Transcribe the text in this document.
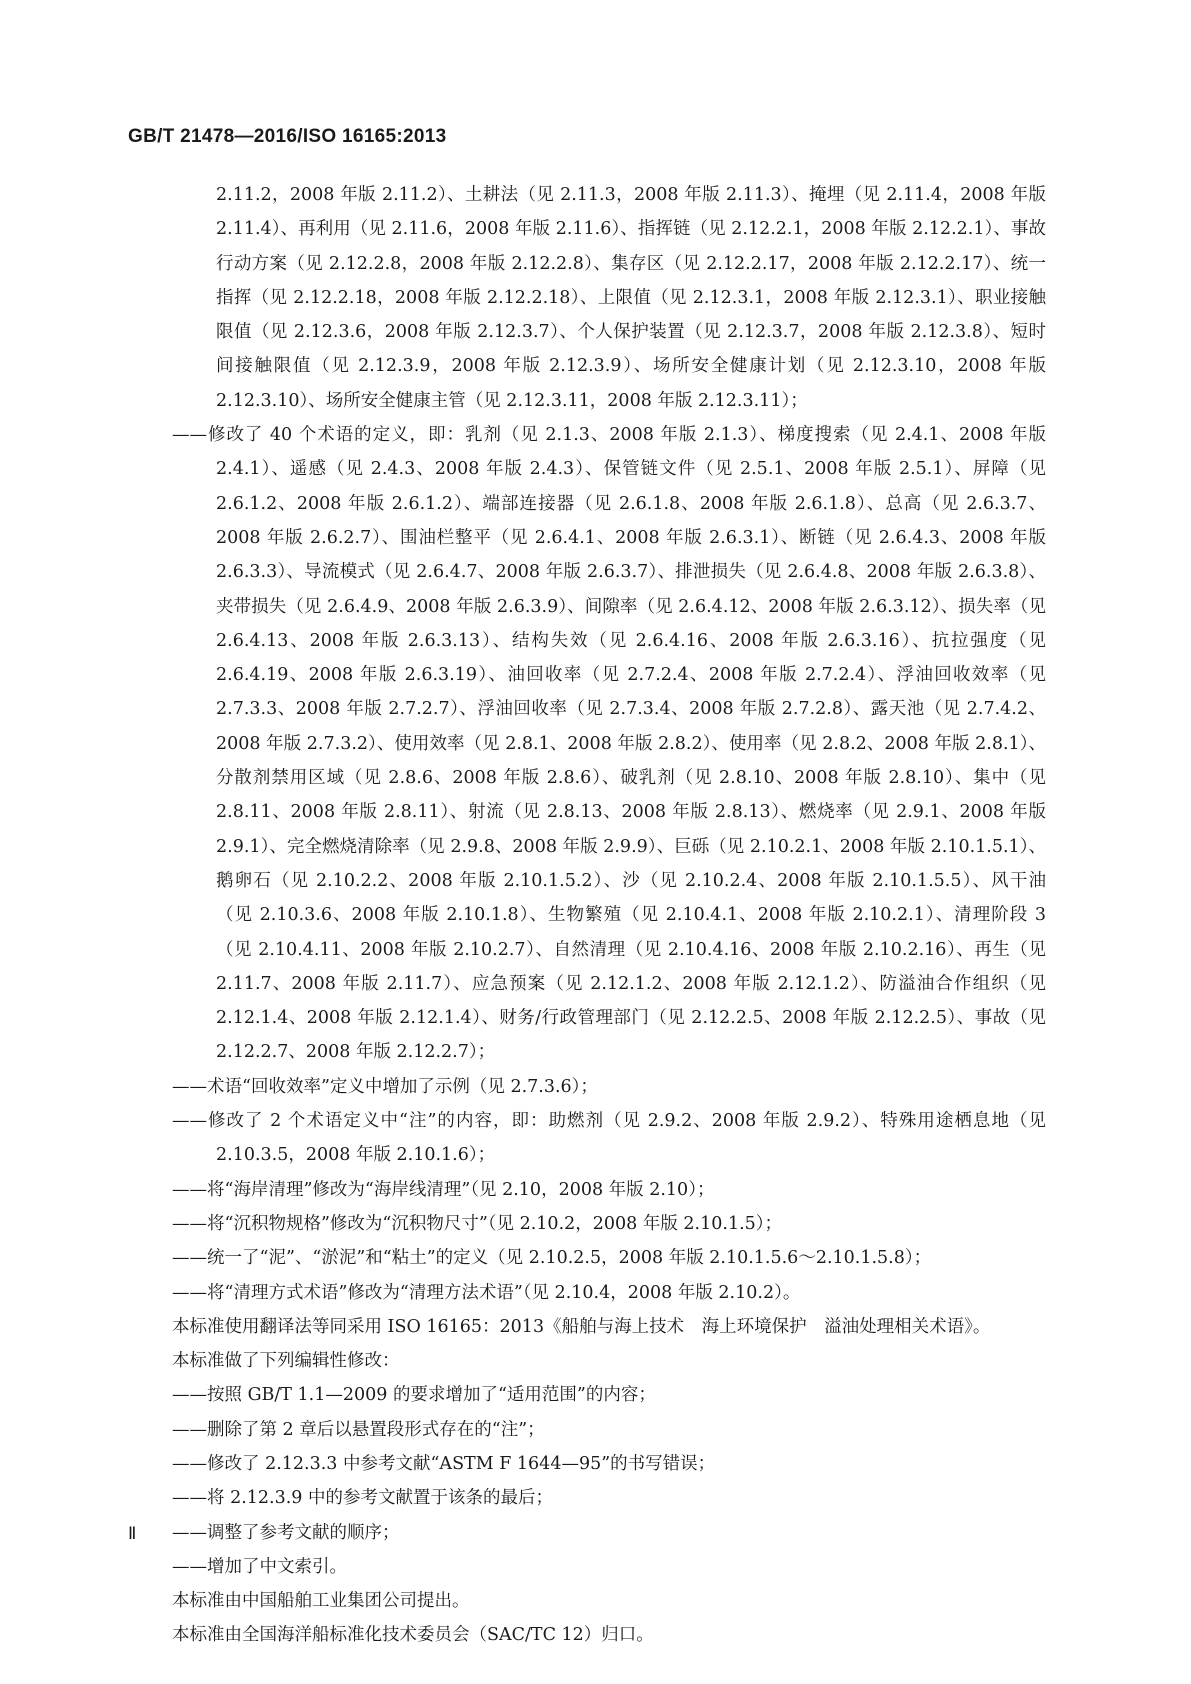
GB/T 21478—2016/ISO 16165:2013

2.11.2，2008 年版 2.11.2）、土耕法（见 2.11.3，2008 年版 2.11.3）、掩埋（见 2.11.4，2008 年版 2.11.4）、再利用（见 2.11.6，2008 年版 2.11.6）、指挥链（见 2.12.2.1，2008 年版 2.12.2.1）、事故行动方案（见 2.12.2.8，2008 年版 2.12.2.8）、集存区（见 2.12.2.17，2008 年版 2.12.2.17）、统一指挥（见 2.12.2.18，2008 年版 2.12.2.18）、上限值（见 2.12.3.1，2008 年版 2.12.3.1）、职业接触限值（见 2.12.3.6，2008 年版 2.12.3.7）、个人保护装置（见 2.12.3.7，2008 年版 2.12.3.8）、短时间接触限值（见 2.12.3.9，2008 年版 2.12.3.9）、场所安全健康计划（见 2.12.3.10，2008 年版 2.12.3.10）、场所安全健康主管（见 2.12.3.11，2008 年版 2.12.3.11）；

——修改了 40 个术语的定义，即：乳剂（见 2.1.3、2008 年版 2.1.3）、梯度搜索（见 2.4.1、2008 年版 2.4.1）、遥感（见 2.4.3、2008 年版 2.4.3）、保管链文件（见 2.5.1、2008 年版 2.5.1）、屏障（见 2.6.1.2、2008 年版 2.6.1.2）、端部连接器（见 2.6.1.8、2008 年版 2.6.1.8）、总高（见 2.6.3.7、2008 年版 2.6.2.7）、围油栏整平（见 2.6.4.1、2008 年版 2.6.3.1）、断链（见 2.6.4.3、2008 年版 2.6.3.3）、导流模式（见 2.6.4.7、2008 年版 2.6.3.7）、排泄损失（见 2.6.4.8、2008 年版 2.6.3.8）、夹带损失（见 2.6.4.9、2008 年版 2.6.3.9）、间隙率（见 2.6.4.12、2008 年版 2.6.3.12）、损失率（见 2.6.4.13、2008 年版 2.6.3.13）、结构失效（见 2.6.4.16、2008 年版 2.6.3.16）、抗拉强度（见 2.6.4.19、2008 年版 2.6.3.19）、油回收率（见 2.7.2.4、2008 年版 2.7.2.4）、浮油回收效率（见 2.7.3.3、2008 年版 2.7.2.7）、浮油回收率（见 2.7.3.4、2008 年版 2.7.2.8）、露天池（见 2.7.4.2、2008 年版 2.7.3.2）、使用效率（见 2.8.1、2008 年版 2.8.2）、使用率（见 2.8.2、2008 年版 2.8.1）、分散剂禁用区域（见 2.8.6、2008 年版 2.8.6）、破乳剂（见 2.8.10、2008 年版 2.8.10）、集中（见 2.8.11、2008 年版 2.8.11）、射流（见 2.8.13、2008 年版 2.8.13）、燃烧率（见 2.9.1、2008 年版 2.9.1）、完全燃烧清除率（见 2.9.8、2008 年版 2.9.9）、巨砾（见 2.10.2.1、2008 年版 2.10.1.5.1）、鹅卵石（见 2.10.2.2、2008 年版 2.10.1.5.2）、沙（见 2.10.2.4、2008 年版 2.10.1.5.5）、风干油（见 2.10.3.6、2008 年版 2.10.1.8）、生物繁殖（见 2.10.4.1、2008 年版 2.10.2.1）、清理阶段 3（见 2.10.4.11、2008 年版 2.10.2.7）、自然清理（见 2.10.4.16、2008 年版 2.10.2.16）、再生（见 2.11.7、2008 年版 2.11.7）、应急预案（见 2.12.1.2、2008 年版 2.12.1.2）、防溢油合作组织（见 2.12.1.4、2008 年版 2.12.1.4）、财务/行政管理部门（见 2.12.2.5、2008 年版 2.12.2.5）、事故（见 2.12.2.7、2008 年版 2.12.2.7）；

——术语“回收效率”定义中增加了示例（见 2.7.3.6）；

——修改了 2 个术语定义中“注”的内容，即：助燃剂（见 2.9.2、2008 年版 2.9.2）、特殊用途栖息地（见 2.10.3.5，2008 年版 2.10.1.6）；

——将“海岸清理”修改为“海岸线清理”（见 2.10，2008 年版 2.10）；

——将“沉积物规格”修改为“沉积物尺寸”（见 2.10.2，2008 年版 2.10.1.5）；

——统一了“泥”、“淤泥”和“粘土”的定义（见 2.10.2.5，2008 年版 2.10.1.5.6～2.10.1.5.8）；

——将“清理方式术语”修改为“清理方法术语”（见 2.10.4，2008 年版 2.10.2）。

本标准使用翻译法等同采用 ISO 16165：2013《船舶与海上技术　海上环境保护　溢油处理相关术语》。

本标准做了下列编辑性修改：

——按照 GB/T 1.1—2009 的要求增加了“适用范围”的内容；

——删除了第 2 章后以悬置段形式存在的“注”；

——修改了 2.12.3.3 中参考文献“ASTM F 1644—95”的书写错误；

——将 2.12.3.9 中的参考文献置于该条的最后；

——调整了参考文献的顺序；

——增加了中文索引。

本标准由中国船舶工业集团公司提出。

本标准由全国海洋船标准化技术委员会（SAC/TC 12）归口。

Ⅱ
